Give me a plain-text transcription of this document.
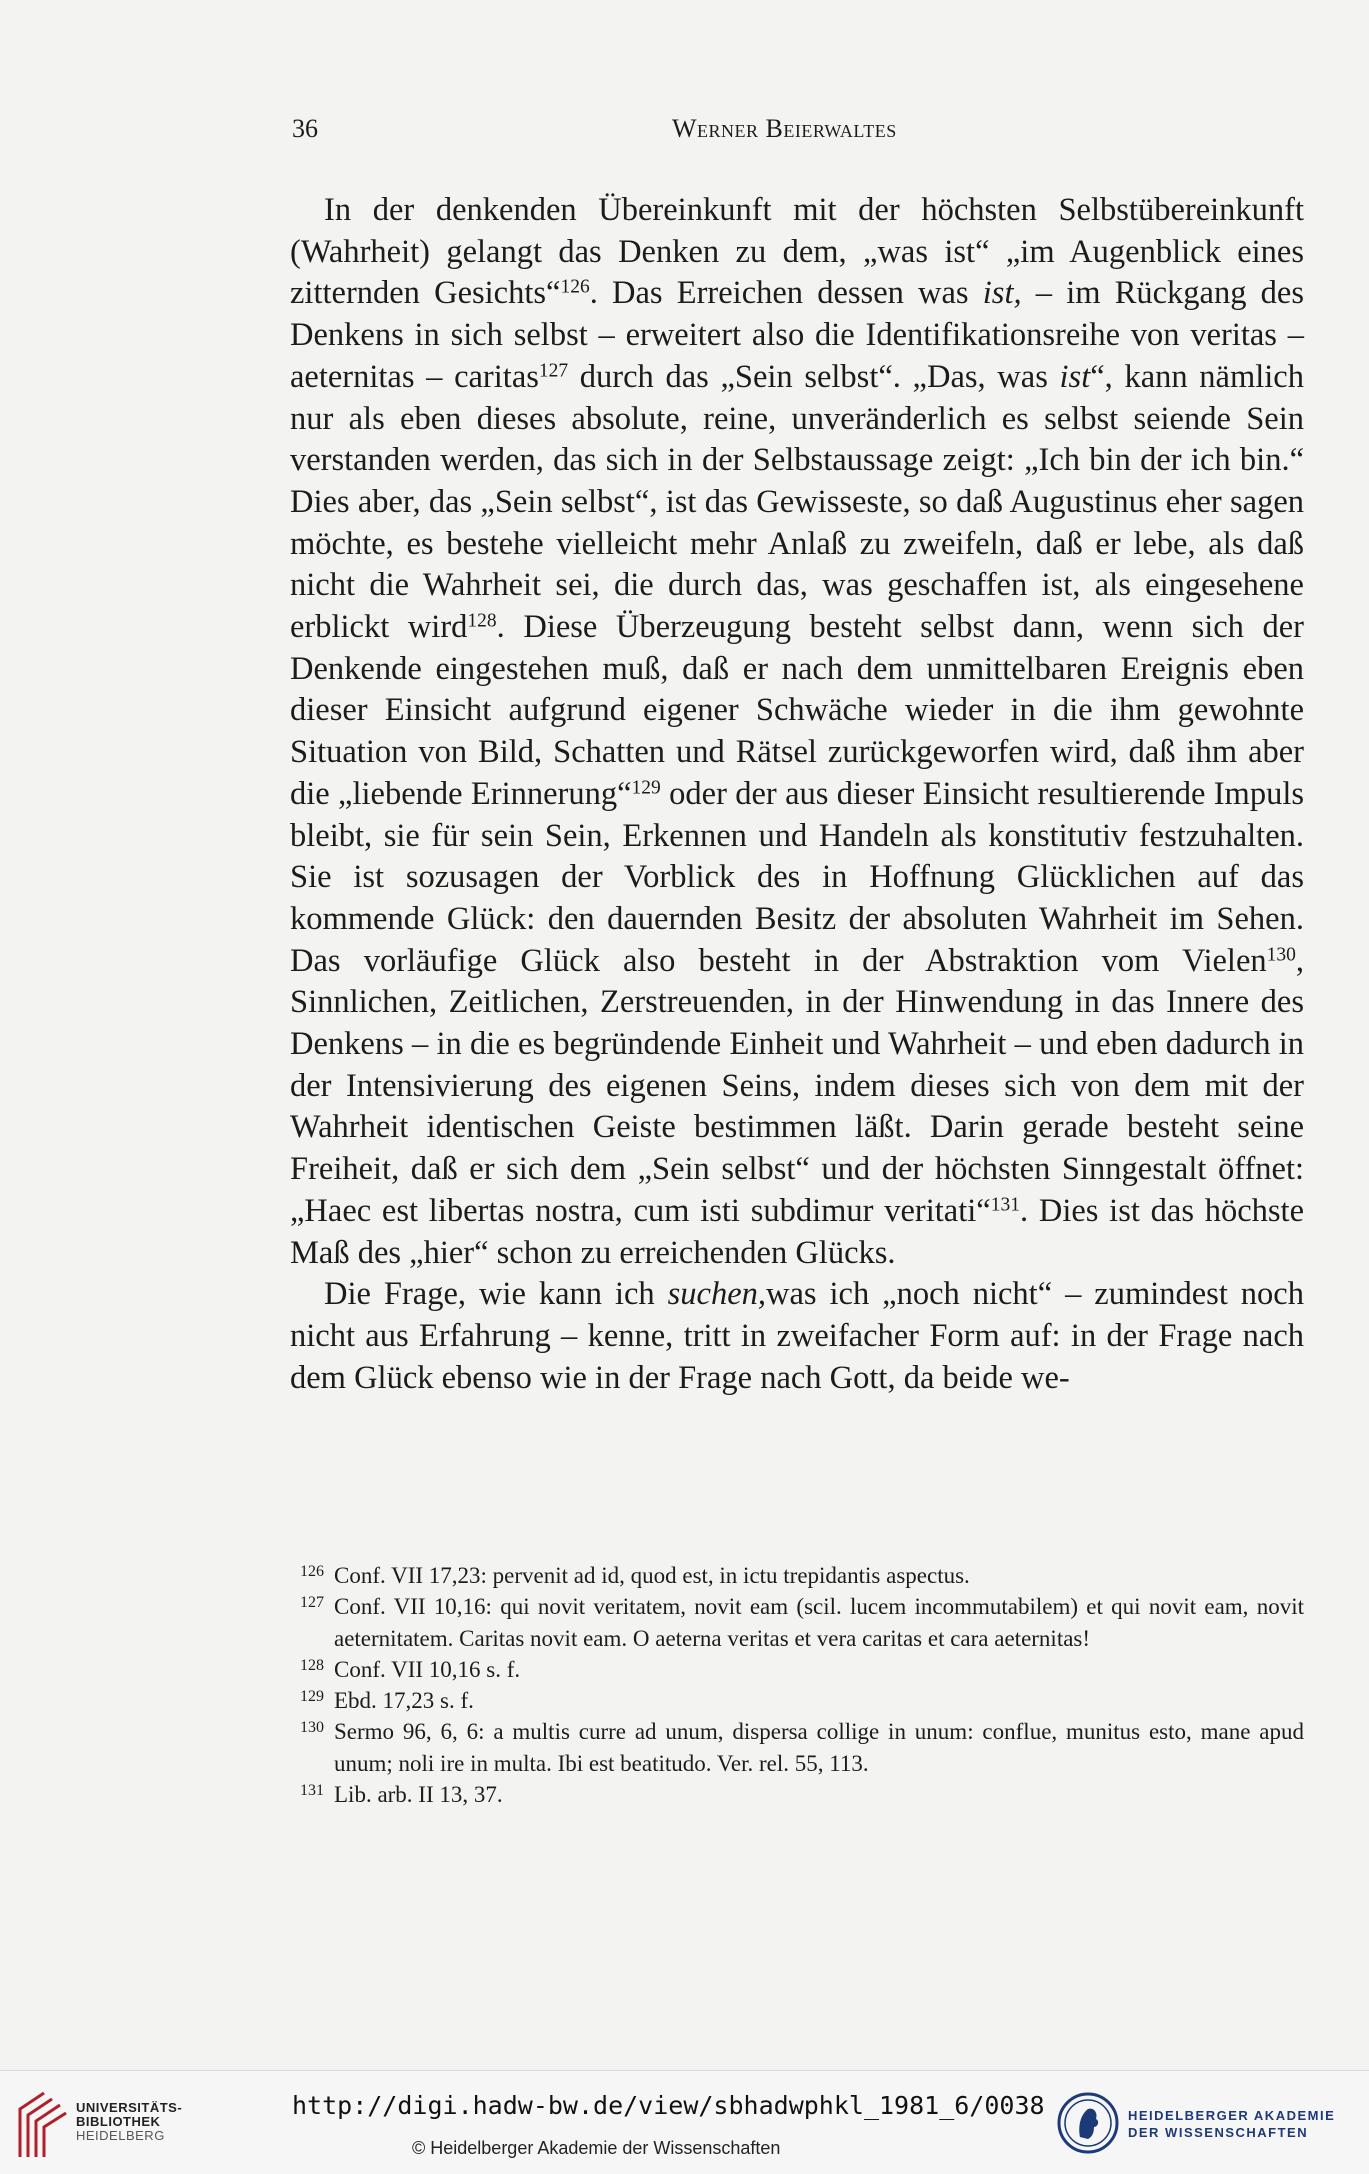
36	Werner Beierwaltes

In der denkenden Übereinkunft mit der höchsten Selbstübereinkunft (Wahrheit) gelangt das Denken zu dem, „was ist“ „im Augenblick eines zitternden Gesichts“$^{126}$. Das Erreichen dessen was ist, – im Rückgang des Denkens in sich selbst – erweitert also die Identifikationsreihe von veritas – aeternitas – caritas$^{127}$ durch das „Sein selbst“. „Das, was ist“, kann nämlich nur als eben dieses absolute, reine, unveränderlich es selbst seiende Sein verstanden werden, das sich in der Selbstaussage zeigt: „Ich bin der ich bin.“ Dies aber, das „Sein selbst“, ist das Gewisseste, so daß Augustinus eher sagen möchte, es bestehe vielleicht mehr Anlaß zu zweifeln, daß er lebe, als daß nicht die Wahrheit sei, die durch das, was geschaffen ist, als eingesehene erblickt wird$^{128}$. Diese Überzeugung besteht selbst dann, wenn sich der Denkende eingestehen muß, daß er nach dem unmittelbaren Ereignis eben dieser Einsicht aufgrund eigener Schwäche wieder in die ihm gewohnte Situation von Bild, Schatten und Rätsel zurückgeworfen wird, daß ihm aber die „liebende Erinnerung“$^{129}$ oder der aus dieser Einsicht resultierende Impuls bleibt, sie für sein Sein, Erkennen und Handeln als konstitutiv festzuhalten. Sie ist sozusagen der Vorblick des in Hoffnung Glücklichen auf das kommende Glück: den dauernden Besitz der absoluten Wahrheit im Sehen. Das vorläufige Glück also besteht in der Abstraktion vom Vielen$^{130}$, Sinnlichen, Zeitlichen, Zerstreuenden, in der Hinwendung in das Innere des Denkens – in die es begründende Einheit und Wahrheit – und eben dadurch in der Intensivierung des eigenen Seins, indem dieses sich von dem mit der Wahrheit identischen Geiste bestimmen läßt. Darin gerade besteht seine Freiheit, daß er sich dem „Sein selbst“ und der höchsten Sinngestalt öffnet: „Haec est libertas nostra, cum isti subdimur veritati“$^{131}$. Dies ist das höchste Maß des „hier“ schon zu erreichenden Glücks.

Die Frage, wie kann ich suchen,was ich „noch nicht“ – zumindest noch nicht aus Erfahrung – kenne, tritt in zweifacher Form auf: in der Frage nach dem Glück ebenso wie in der Frage nach Gott, da beide we-

126 Conf. VII 17,23: pervenit ad id, quod est, in ictu trepidantis aspectus.
127 Conf. VII 10,16: qui novit veritatem, novit eam (scil. lucem incommutabilem) et qui novit eam, novit aeternitatem. Caritas novit eam. O aeterna veritas et vera caritas et cara aeternitas!
128 Conf. VII 10,16 s. f.
129 Ebd. 17,23 s. f.
130 Sermo 96, 6, 6: a multis curre ad unum, dispersa collige in unum: conflue, munitus esto, mane apud unum; noli ire in multa. Ibi est beatitudo. Ver. rel. 55, 113.
131 Lib. arb. II 13, 37.
UNIVERSITÄTS-
BIBLIOTHEK
HEIDELBERG
http://digi.hadw-bw.de/view/sbhadwphkl_1981_6/0038
© Heidelberger Akademie der Wissenschaften
HEIDELBERGER AKADEMIE
DER WISSENSCHAFTEN
